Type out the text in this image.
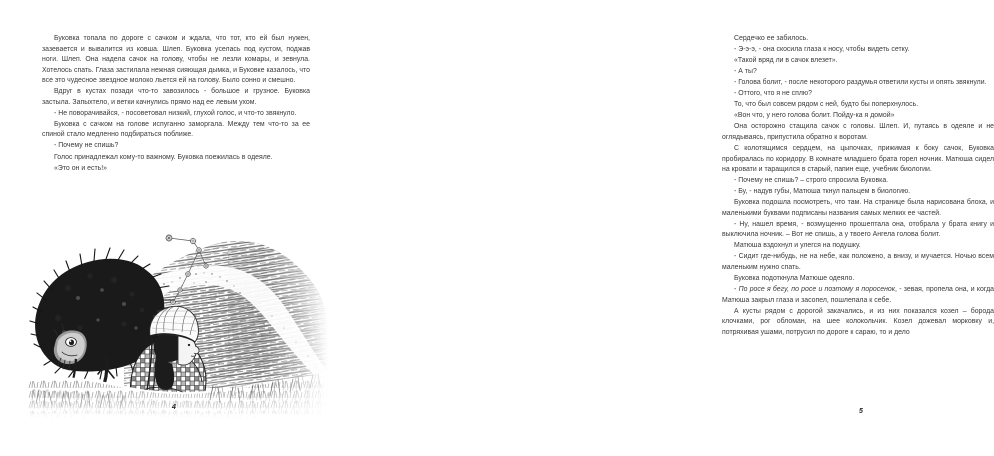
Буковка топала по дороге с сачком и ждала, что тот, кто ей был нужен, зазевается и вывалится из ковша. Шлеп. Буковка уселась под кустом, поджав ноги. Шлеп. Она надела сачок на голову, чтобы не лезли комары, и зевнула. Хотелось спать. Глаза застилала нежная сияющая дымка, и Буковке казалось, что все это чудесное звездное молоко льется ей на голову. Было сонно и смешно.

Вдруг в кустах позади что-то завозилось - большое и грузное. Буковка застыла. Запыхтело, и ветки качнулись прямо над ее левым ухом.

- Не поворачивайся, - посоветовал низкий, глухой голос, и что-то звякнуло.

Буковка с сачком на голове испуганно заморгала. Между тем что-то за ее спиной стало медленно подбираться поближе.

- Почему не спишь?

Голос принадлежал кому-то важному. Буковка поежилась в одеяле.

«Это он и есть!»

4

Сердечко ее забилось.

- Э-э-э, - она скосила глаза к носу, чтобы видеть сетку.

«Такой вряд ли в сачок влезет».

- А ты?

- Голова болит, - после некоторого раздумья ответили кусты и опять звякнули.

- Оттого, что я не сплю?

То, что был совсем рядом с ней, будто бы поперхнулось.

«Вон что, у него голова болит. Пойду-ка я домой»

Она осторожно стащила сачок с головы. Шлеп. И, путаясь в одеяле и не оглядываясь, припустила обратно к воротам.

С колотящимся сердцем, на цыпочках, прижимая к боку сачок, Буковка пробиралась по коридору. В комнате младшего брата горел ночник. Матюша сидел на кровати и таращился в старый, папин еще, учебник биологии.

- Почему не спишь? – строго спросила Буковка.

- Бу, - надув губы, Матюша ткнул пальцем в биологию.

Буковка подошла посмотреть, что там. На странице была нарисована блоха, и маленькими буквами подписаны названия самых мелких ее частей.

- Ну, нашел время, - возмущенно прошептала она, отобрала у брата книгу и выключила ночник. – Вот не спишь, а у твоего Ангела голова болит.

Матюша вздохнул и улегся на подушку.

- Сидит где-нибудь, не на небе, как положено, а внизу, и мучается. Ночью всем маленьким нужно спать.

Буковка подоткнула Матюше одеяло.

- По росе я бегу, по росе и поэтому я поросенок, - зевая, пропела она, и когда Матюша закрыл глаза и засопел, пошлепала к себе.

А кусты рядом с дорогой закачались, и из них показался козел – борода клочками, рог обломан, на шее колокольчик. Козел дожевал морковку и, потряхивая ушами, потрусил по дороге к сараю, то и дело

5
